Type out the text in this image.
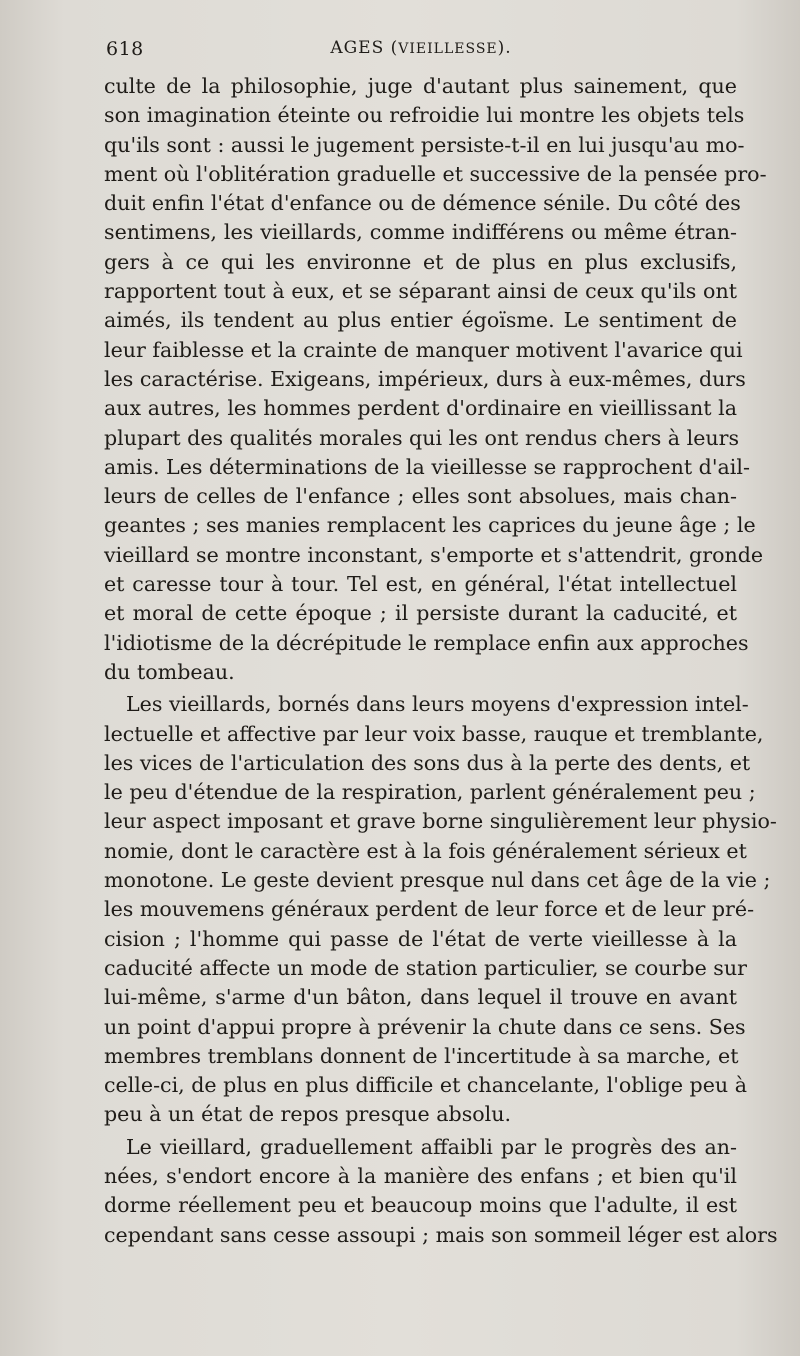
618	AGES (VIEILLESSE).
culte de la philosophie, juge d'autant plus sainement, que
son imagination éteinte ou refroidie lui montre les objets tels
qu'ils sont : aussi le jugement persiste-t-il en lui jusqu'au mo-
ment où l'oblitération graduelle et successive de la pensée pro-
duit enfin l'état d'enfance ou de démence sénile. Du côté des
sentimens, les vieillards, comme indifférens ou même étran-
gers à ce qui les environne et de plus en plus exclusifs,
rapportent tout à eux, et se séparant ainsi de ceux qu'ils ont
aimés, ils tendent au plus entier égoïsme. Le sentiment de
leur faiblesse et la crainte de manquer motivent l'avarice qui
les caractérise. Exigeans, impérieux, durs à eux-mêmes, durs
aux autres, les hommes perdent d'ordinaire en vieillissant la
plupart des qualités morales qui les ont rendus chers à leurs
amis. Les déterminations de la vieillesse se rapprochent d'ail-
leurs de celles de l'enfance ; elles sont absolues, mais chan-
geantes ; ses manies remplacent les caprices du jeune âge ; le
vieillard se montre inconstant, s'emporte et s'attendrit, gronde
et caresse tour à tour. Tel est, en général, l'état intellectuel
et moral de cette époque ; il persiste durant la caducité, et
l'idiotisme de la décrépitude le remplace enfin aux approches
du tombeau.
Les vieillards, bornés dans leurs moyens d'expression intel-
lectuelle et affective par leur voix basse, rauque et tremblante,
les vices de l'articulation des sons dus à la perte des dents, et
le peu d'étendue de la respiration, parlent généralement peu ;
leur aspect imposant et grave borne singulièrement leur physio-
nomie, dont le caractère est à la fois généralement sérieux et
monotone. Le geste devient presque nul dans cet âge de la vie ;
les mouvemens généraux perdent de leur force et de leur pré-
cision ; l'homme qui passe de l'état de verte vieillesse à la
caducité affecte un mode de station particulier, se courbe sur
lui-même, s'arme d'un bâton, dans lequel il trouve en avant
un point d'appui propre à prévenir la chute dans ce sens. Ses
membres tremblans donnent de l'incertitude à sa marche, et
celle-ci, de plus en plus difficile et chancelante, l'oblige peu à
peu à un état de repos presque absolu.
Le vieillard, graduellement affaibli par le progrès des an-
nées, s'endort encore à la manière des enfans ; et bien qu'il
dorme réellement peu et beaucoup moins que l'adulte, il est
cependant sans cesse assoupi ; mais son sommeil léger est alors
